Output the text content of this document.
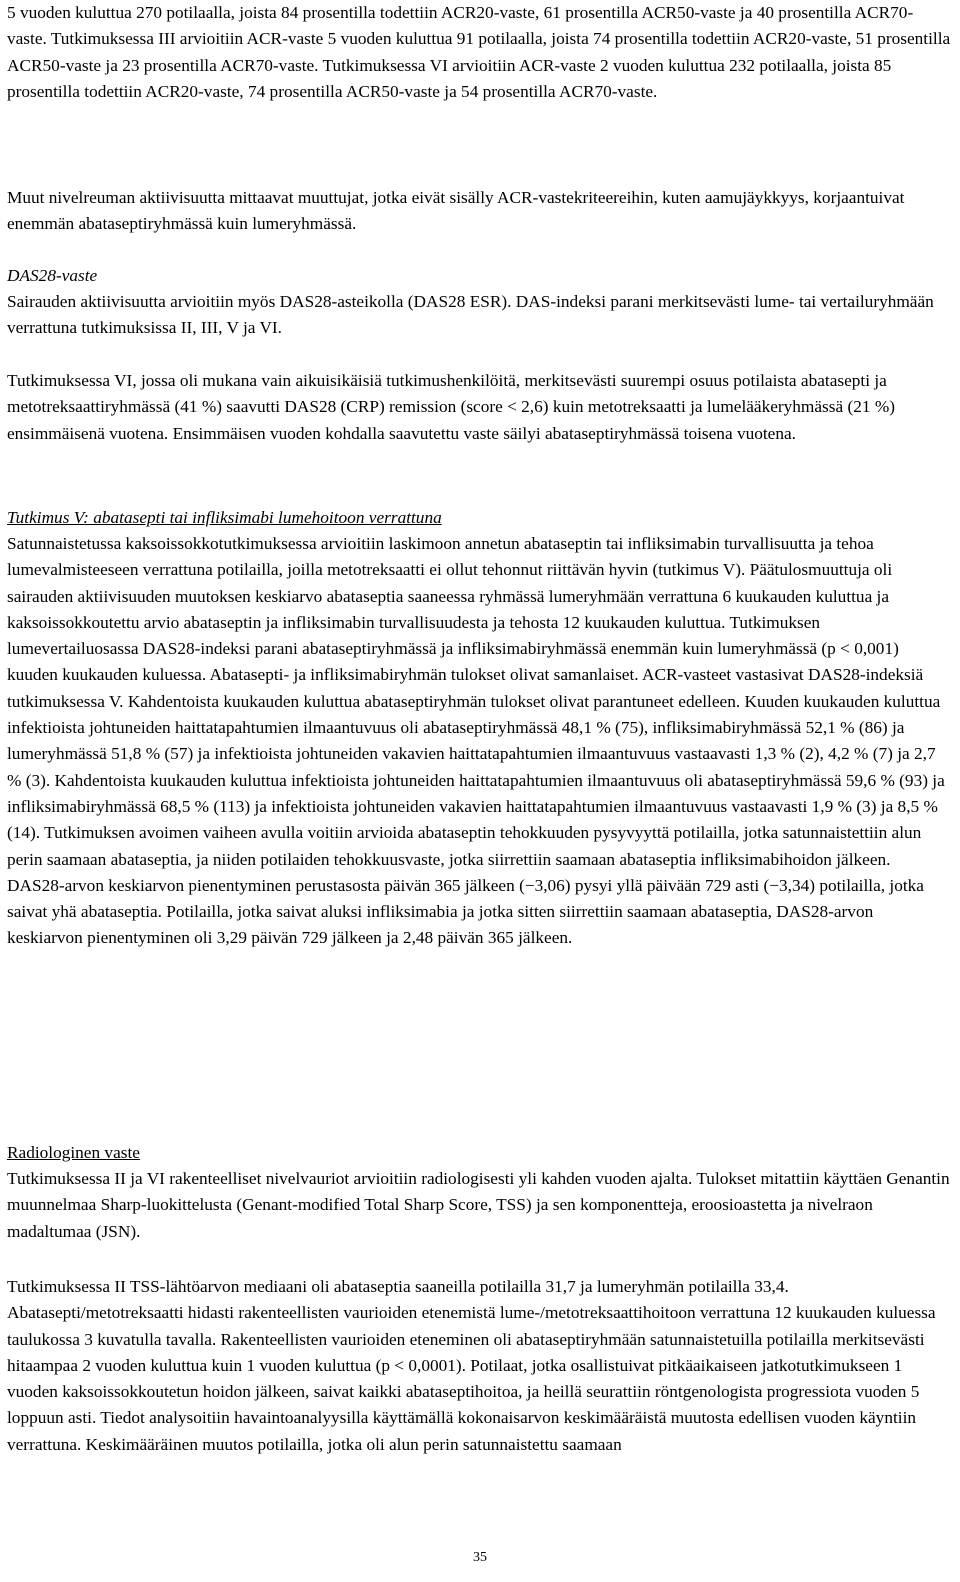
5 vuoden kuluttua 270 potilaalla, joista 84 prosentilla todettiin ACR20-vaste, 61 prosentilla ACR50-vaste ja 40 prosentilla ACR70-vaste. Tutkimuksessa III arvioitiin ACR-vaste 5 vuoden kuluttua 91 potilaalla, joista 74 prosentilla todettiin ACR20-vaste, 51 prosentilla ACR50-vaste ja 23 prosentilla ACR70-vaste. Tutkimuksessa VI arvioitiin ACR-vaste 2 vuoden kuluttua 232 potilaalla, joista 85 prosentilla todettiin ACR20-vaste, 74 prosentilla ACR50-vaste ja 54 prosentilla ACR70-vaste.

Muut nivelreuman aktiivisuutta mittaavat muuttujat, jotka eivät sisälly ACR-vastekriteereihin, kuten aamujäykkyys, korjaantuivat enemmän abataseptiryhmässä kuin lumeryhmässä.

DAS28-vaste

Sairauden aktiivisuutta arvioitiin myös DAS28-asteikolla (DAS28 ESR). DAS-indeksi parani merkitsevästi lume- tai vertailuryhmään verrattuna tutkimuksissa II, III, V ja VI.

Tutkimuksessa VI, jossa oli mukana vain aikuisikäisiä tutkimushenkilöitä, merkitsevästi suurempi osuus potilaista abatasepti ja metotreksaattiryhmässä (41 %) saavutti DAS28 (CRP) remission (score < 2,6) kuin metotreksaatti ja lumelääkeryhmässä (21 %) ensimmäisenä vuotena. Ensimmäisen vuoden kohdalla saavutettu vaste säilyi abataseptiryhmässä toisena vuotena.

Tutkimus V: abatasepti tai infliksimabi lumehoitoon verrattuna

Satunnaistetussa kaksoissokkotutkimuksessa arvioitiin laskimoon annetun abataseptin tai infliksimabin turvallisuutta ja tehoa lumevalmisteeseen verrattuna potilailla, joilla metotreksaatti ei ollut tehonnut riittävän hyvin (tutkimus V). Päätulosmuuttuja oli sairauden aktiivisuuden muutoksen keskiarvo abataseptia saaneessa ryhmässä lumeryhmään verrattuna 6 kuukauden kuluttua ja kaksoissokkoutettu arvio abataseptin ja infliksimabin turvallisuudesta ja tehosta 12 kuukauden kuluttua. Tutkimuksen lumevertailuosassa DAS28-indeksi parani abataseptiryhmässä ja infliksimabiryhmässä enemmän kuin lumeryhmässä (p < 0,001) kuuden kuukauden kuluessa. Abatasepti- ja infliksimabiryhmän tulokset olivat samanlaiset. ACR-vasteet vastasivat DAS28-indeksiä tutkimuksessa V. Kahdentoista kuukauden kuluttua abataseptiryhmän tulokset olivat parantuneet edelleen. Kuuden kuukauden kuluttua infektioista johtuneiden haittatapahtumien ilmaantuvuus oli abataseptiryhmässä 48,1 % (75), infliksimabiryhmässä 52,1 % (86) ja lumeryhmässä 51,8 % (57) ja infektioista johtuneiden vakavien haittatapahtumien ilmaantuvuus vastaavasti 1,3 % (2), 4,2 % (7) ja 2,7 % (3). Kahdentoista kuukauden kuluttua infektioista johtuneiden haittatapahtumien ilmaantuvuus oli abataseptiryhmässä 59,6 % (93) ja infliksimabiryhmässä 68,5 % (113) ja infektioista johtuneiden vakavien haittatapahtumien ilmaantuvuus vastaavasti 1,9 % (3) ja 8,5 % (14). Tutkimuksen avoimen vaiheen avulla voitiin arvioida abataseptin tehokkuuden pysyvyyttä potilailla, jotka satunnaistettiin alun perin saamaan abataseptia, ja niiden potilaiden tehokkuusvaste, jotka siirrettiin saamaan abataseptia infliksimabihoidon jälkeen. DAS28-arvon keskiarvon pienentyminen perustasosta päivän 365 jälkeen (−3,06) pysyi yllä päivään 729 asti (−3,34) potilailla, jotka saivat yhä abataseptia. Potilailla, jotka saivat aluksi infliksimabia ja jotka sitten siirrettiin saamaan abataseptia, DAS28-arvon keskiarvon pienentyminen oli 3,29 päivän 729 jälkeen ja 2,48 päivän 365 jälkeen.

Radiologinen vaste

Tutkimuksessa II ja VI rakenteelliset nivelvauriot arvioitiin radiologisesti yli kahden vuoden ajalta. Tulokset mitattiin käyttäen Genantin muunnelmaa Sharp-luokittelusta (Genant-modified Total Sharp Score, TSS) ja sen komponentteja, eroosioastetta ja nivelraon madaltumaa (JSN).

Tutkimuksessa II TSS-lähtöarvon mediaani oli abataseptia saaneilla potilailla 31,7 ja lumeryhmän potilailla 33,4. Abatasepti/metotreksaatti hidasti rakenteellisten vaurioiden etenemistä lume-/metotreksaattihoitoon verrattuna 12 kuukauden kuluessa taulukossa 3 kuvatulla tavalla. Rakenteellisten vaurioiden eteneminen oli abataseptiryhmään satunnaistetuilla potilailla merkitsevästi hitaampaa 2 vuoden kuluttua kuin 1 vuoden kuluttua (p < 0,0001). Potilaat, jotka osallistuivat pitkäaikaiseen jatkotutkimukseen 1 vuoden kaksoissokkoutetun hoidon jälkeen, saivat kaikki abataseptihoitoa, ja heillä seurattiin röntgenologista progressiota vuoden 5 loppuun asti. Tiedot analysoitiin havaintoanalyysilla käyttämällä kokonaisarvon keskimääräistä muutosta edellisen vuoden käyntiin verrattuna. Keskimääräinen muutos potilailla, jotka oli alun perin satunnaistettu saamaan

35
